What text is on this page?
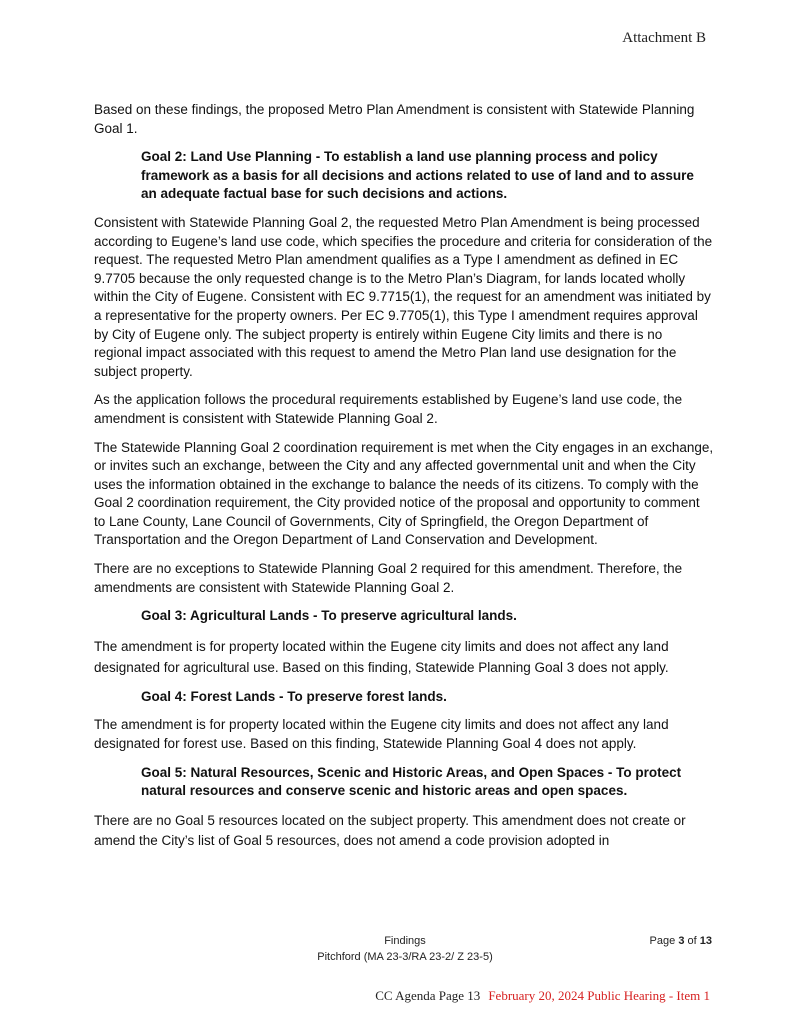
Attachment B

Based on these findings, the proposed Metro Plan Amendment is consistent with Statewide Planning Goal 1.

Goal 2: Land Use Planning - To establish a land use planning process and policy framework as a basis for all decisions and actions related to use of land and to assure an adequate factual base for such decisions and actions.

Consistent with Statewide Planning Goal 2, the requested Metro Plan Amendment is being processed according to Eugene’s land use code, which specifies the procedure and criteria for consideration of the request. The requested Metro Plan amendment qualifies as a Type I amendment as defined in EC 9.7705 because the only requested change is to the Metro Plan’s Diagram, for lands located wholly within the City of Eugene. Consistent with EC 9.7715(1), the request for an amendment was initiated by a representative for the property owners. Per EC 9.7705(1), this Type I amendment requires approval by City of Eugene only. The subject property is entirely within Eugene City limits and there is no regional impact associated with this request to amend the Metro Plan land use designation for the subject property.

As the application follows the procedural requirements established by Eugene’s land use code, the amendment is consistent with Statewide Planning Goal 2.

The Statewide Planning Goal 2 coordination requirement is met when the City engages in an exchange, or invites such an exchange, between the City and any affected governmental unit and when the City uses the information obtained in the exchange to balance the needs of its citizens. To comply with the Goal 2 coordination requirement, the City provided notice of the proposal and opportunity to comment to Lane County, Lane Council of Governments, City of Springfield, the Oregon Department of Transportation and the Oregon Department of Land Conservation and Development.

There are no exceptions to Statewide Planning Goal 2 required for this amendment. Therefore, the amendments are consistent with Statewide Planning Goal 2.

Goal 3: Agricultural Lands - To preserve agricultural lands.

The amendment is for property located within the Eugene city limits and does not affect any land designated for agricultural use. Based on this finding, Statewide Planning Goal 3 does not apply.

Goal 4: Forest Lands - To preserve forest lands.

The amendment is for property located within the Eugene city limits and does not affect any land designated for forest use. Based on this finding, Statewide Planning Goal 4 does not apply.

Goal 5: Natural Resources, Scenic and Historic Areas, and Open Spaces - To protect natural resources and conserve scenic and historic areas and open spaces.

There are no Goal 5 resources located on the subject property. This amendment does not create or amend the City’s list of Goal 5 resources, does not amend a code provision adopted in

Findings	Page 3 of 13
Pitchford (MA 23-3/RA 23-2/ Z 23-5)
CC Agenda Page 13 February 20, 2024 Public Hearing - Item 1
